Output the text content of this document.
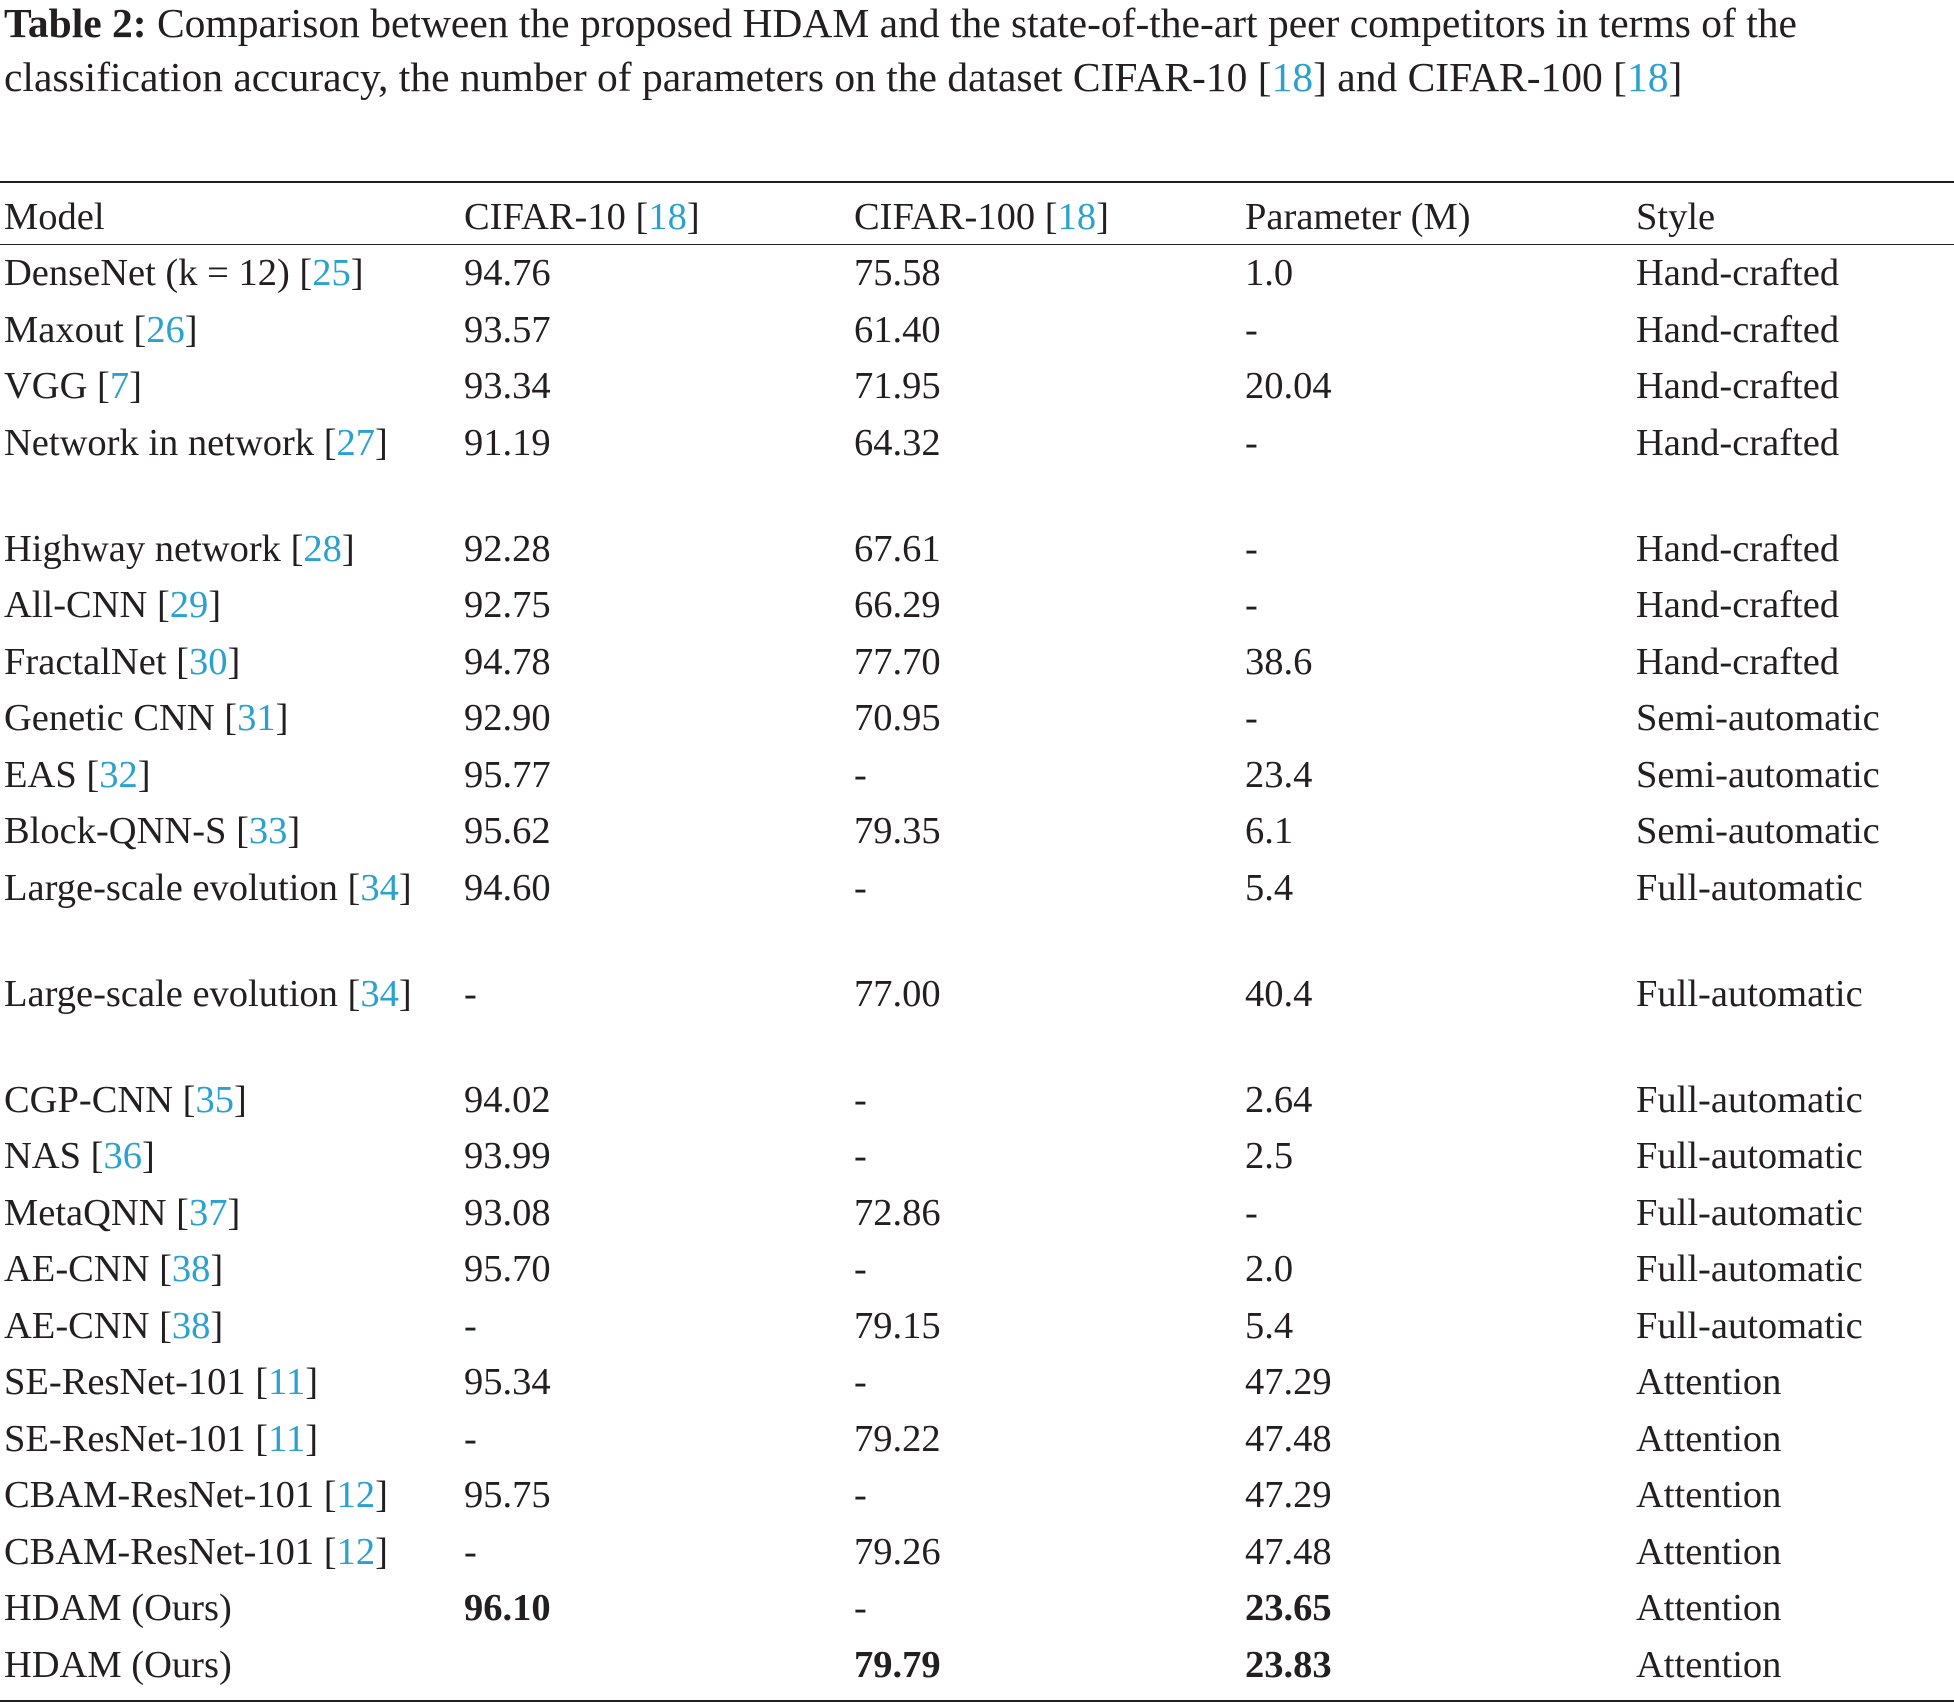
Table 2: Comparison between the proposed HDAM and the state-of-the-art peer competitors in terms of the classification accuracy, the number of parameters on the dataset CIFAR-10 [18] and CIFAR-100 [18]
Model	CIFAR-10 [18]	CIFAR-100 [18]	Parameter (M)	Style
DenseNet (k = 12) [25]	94.76	75.58	1.0	Hand-crafted
Maxout [26]	93.57	61.40	-	Hand-crafted
VGG [7]	93.34	71.95	20.04	Hand-crafted
Network in network [27]	91.19	64.32	-	Hand-crafted
Highway network [28]	92.28	67.61	-	Hand-crafted
All-CNN [29]	92.75	66.29	-	Hand-crafted
FractalNet [30]	94.78	77.70	38.6	Hand-crafted
Genetic CNN [31]	92.90	70.95	-	Semi-automatic
EAS [32]	95.77	-	23.4	Semi-automatic
Block-QNN-S [33]	95.62	79.35	6.1	Semi-automatic
Large-scale evolution [34]	94.60	-	5.4	Full-automatic
Large-scale evolution [34]	-	77.00	40.4	Full-automatic
CGP-CNN [35]	94.02	-	2.64	Full-automatic
NAS [36]	93.99	-	2.5	Full-automatic
MetaQNN [37]	93.08	72.86	-	Full-automatic
AE-CNN [38]	95.70	-	2.0	Full-automatic
AE-CNN [38]	-	79.15	5.4	Full-automatic
SE-ResNet-101 [11]	95.34	-	47.29	Attention
SE-ResNet-101 [11]	-	79.22	47.48	Attention
CBAM-ResNet-101 [12]	95.75	-	47.29	Attention
CBAM-ResNet-101 [12]	-	79.26	47.48	Attention
HDAM (Ours)	96.10	-	23.65	Attention
HDAM (Ours)		79.79	23.83	Attention
